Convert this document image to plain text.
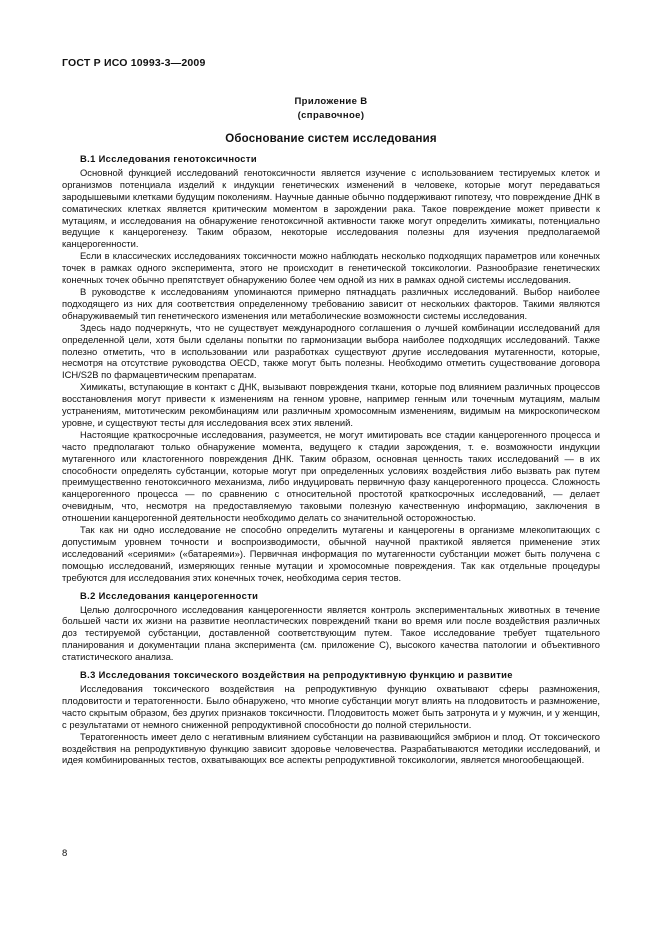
ГОСТ Р ИСО 10993-3—2009
Приложение В
(справочное)
Обоснование систем исследования
В.1 Исследования генотоксичности

Основной функцией исследований генотоксичности является изучение с использованием тестируемых клеток и организмов потенциала изделий к индукции генетических изменений в человеке, которые могут передаваться зародышевыми клетками будущим поколениям. Научные данные обычно поддерживают гипотезу, что повреждение ДНК в соматических клетках является критическим моментом в зарождении рака. Такое повреждение может привести к мутациям, и исследования на обнаружение генотоксичной активности также могут определить химикаты, потенциально ведущие к канцерогенезу. Таким образом, некоторые исследования полезны для изучения предполагаемой канцерогенности.

Если в классических исследованиях токсичности можно наблюдать несколько подходящих параметров или конечных точек в рамках одного эксперимента, этого не происходит в генетической токсикологии. Разнообразие генетических конечных точек обычно препятствует обнаружению более чем одной из них в рамках одной системы исследования.

В руководстве к исследованиям упоминаются примерно пятнадцать различных исследований. Выбор наиболее подходящего из них для соответствия определенному требованию зависит от нескольких факторов. Такими являются обнаруживаемый тип генетического изменения или метаболические возможности системы исследования.

Здесь надо подчеркнуть, что не существует международного соглашения о лучшей комбинации исследований для определенной цели, хотя были сделаны попытки по гармонизации выбора наиболее подходящих исследований. Также полезно отметить, что в использовании или разработках существуют другие исследования мутагенности, которые, несмотря на отсутствие руководства OECD, также могут быть полезны. Необходимо отметить существование договора ICH/S2B по фармацевтическим препаратам.

Химикаты, вступающие в контакт с ДНК, вызывают повреждения ткани, которые под влиянием различных процессов восстановления могут привести к изменениям на генном уровне, например генным или точечным мутациям, малым устранениям, митотическим рекомбинациям или различным хромосомным изменениям, видимым на микроскопическом уровне, и существуют тесты для исследования всех этих явлений.

Настоящие краткосрочные исследования, разумеется, не могут имитировать все стадии канцерогенного процесса и часто предполагают только обнаружение момента, ведущего к стадии зарождения, т. е. возможности индукции мутагенного или кластогенного повреждения ДНК. Таким образом, основная ценность таких исследований — в их способности определять субстанции, которые могут при определенных условиях воздействия либо вызвать рак путем преимущественно генотоксичного механизма, либо индуцировать первичную фазу канцерогенного процесса. Сложность канцерогенного процесса — по сравнению с относительной простотой краткосрочных исследований, — делает очевидным, что, несмотря на предоставляемую таковыми полезную качественную информацию, заключения в отношении канцерогенной деятельности необходимо делать со значительной осторожностью.

Так как ни одно исследование не способно определить мутагены и канцерогены в организме млекопитающих с допустимым уровнем точности и воспроизводимости, обычной научной практикой является применение этих исследований «сериями» («батареями»). Первичная информация по мутагенности субстанции может быть получена с помощью исследований, измеряющих генные мутации и хромосомные повреждения. Так как отдельные процедуры требуются для исследования этих конечных точек, необходима серия тестов.

В.2 Исследования канцерогенности

Целью долгосрочного исследования канцерогенности является контроль экспериментальных животных в течение большей части их жизни на развитие неопластических повреждений ткани во время или после воздействия различных доз тестируемой субстанции, доставленной соответствующим путем. Такое исследование требует тщательного планирования и документации плана эксперимента (см. приложение С), высокого качества патологии и объективного статистического анализа.

В.3 Исследования токсического воздействия на репродуктивную функцию и развитие

Исследования токсического воздействия на репродуктивную функцию охватывают сферы размножения, плодовитости и тератогенности. Было обнаружено, что многие субстанции могут влиять на плодовитость и размножение, часто скрытым образом, без других признаков токсичности. Плодовитость может быть затронута и у мужчин, и у женщин, с результатами от немного сниженной репродуктивной способности до полной стерильности.

Тератогенность имеет дело с негативным влиянием субстанции на развивающийся эмбрион и плод. От токсического воздействия на репродуктивную функцию зависит здоровье человечества. Разрабатываются методики исследований, и идея комбинированных тестов, охватывающих все аспекты репродуктивной токсикологии, является многообещающей.

8
